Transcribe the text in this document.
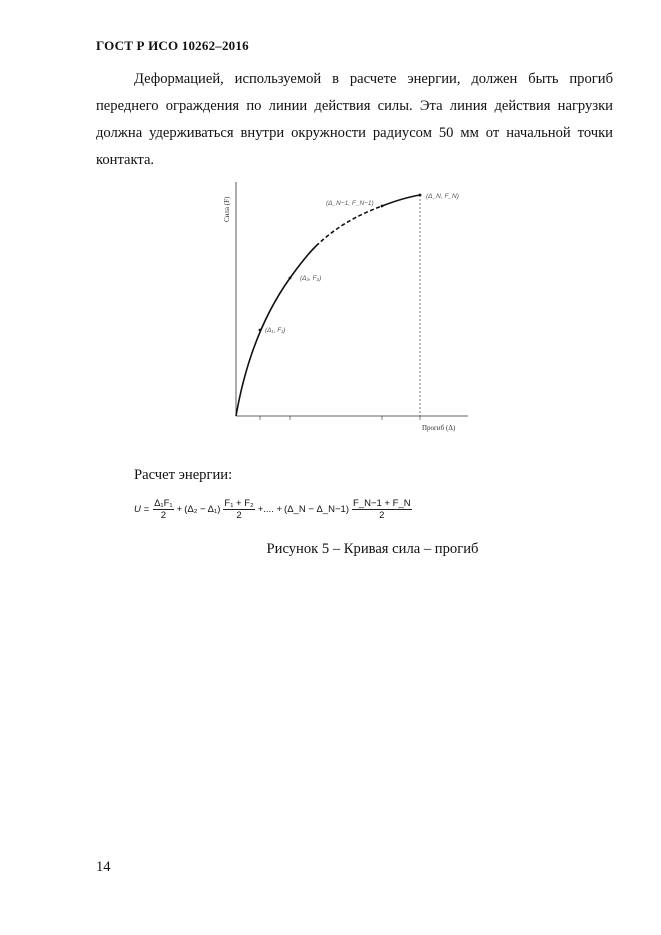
ГОСТ Р ИСО 10262–2016

Деформацией, используемой в расчете энергии, должен быть прогиб переднего ограждения по линии действия силы. Эта линия действия нагрузки должна удерживаться внутри окружности радиусом 50 мм от начальной точки контакта.

(Δ₁, F₁)
(Δ₂, F₂)
(Δ_N−1, F_N−1)
(Δ_N, F_N)
Сила (F)
Прогиб (Δ)
Расчет энергии:
$U = \frac{\text{Δ₁F₁}}{2} + (\Delta_2 - \Delta_1) \frac{\text{F₁ + F₂}}{2}$ +.... + (Δ_N − Δ_N−1) $\frac{F\_N-1 + F\_N}{2}$
Рисунок 5 – Кривая сила – прогиб
14
